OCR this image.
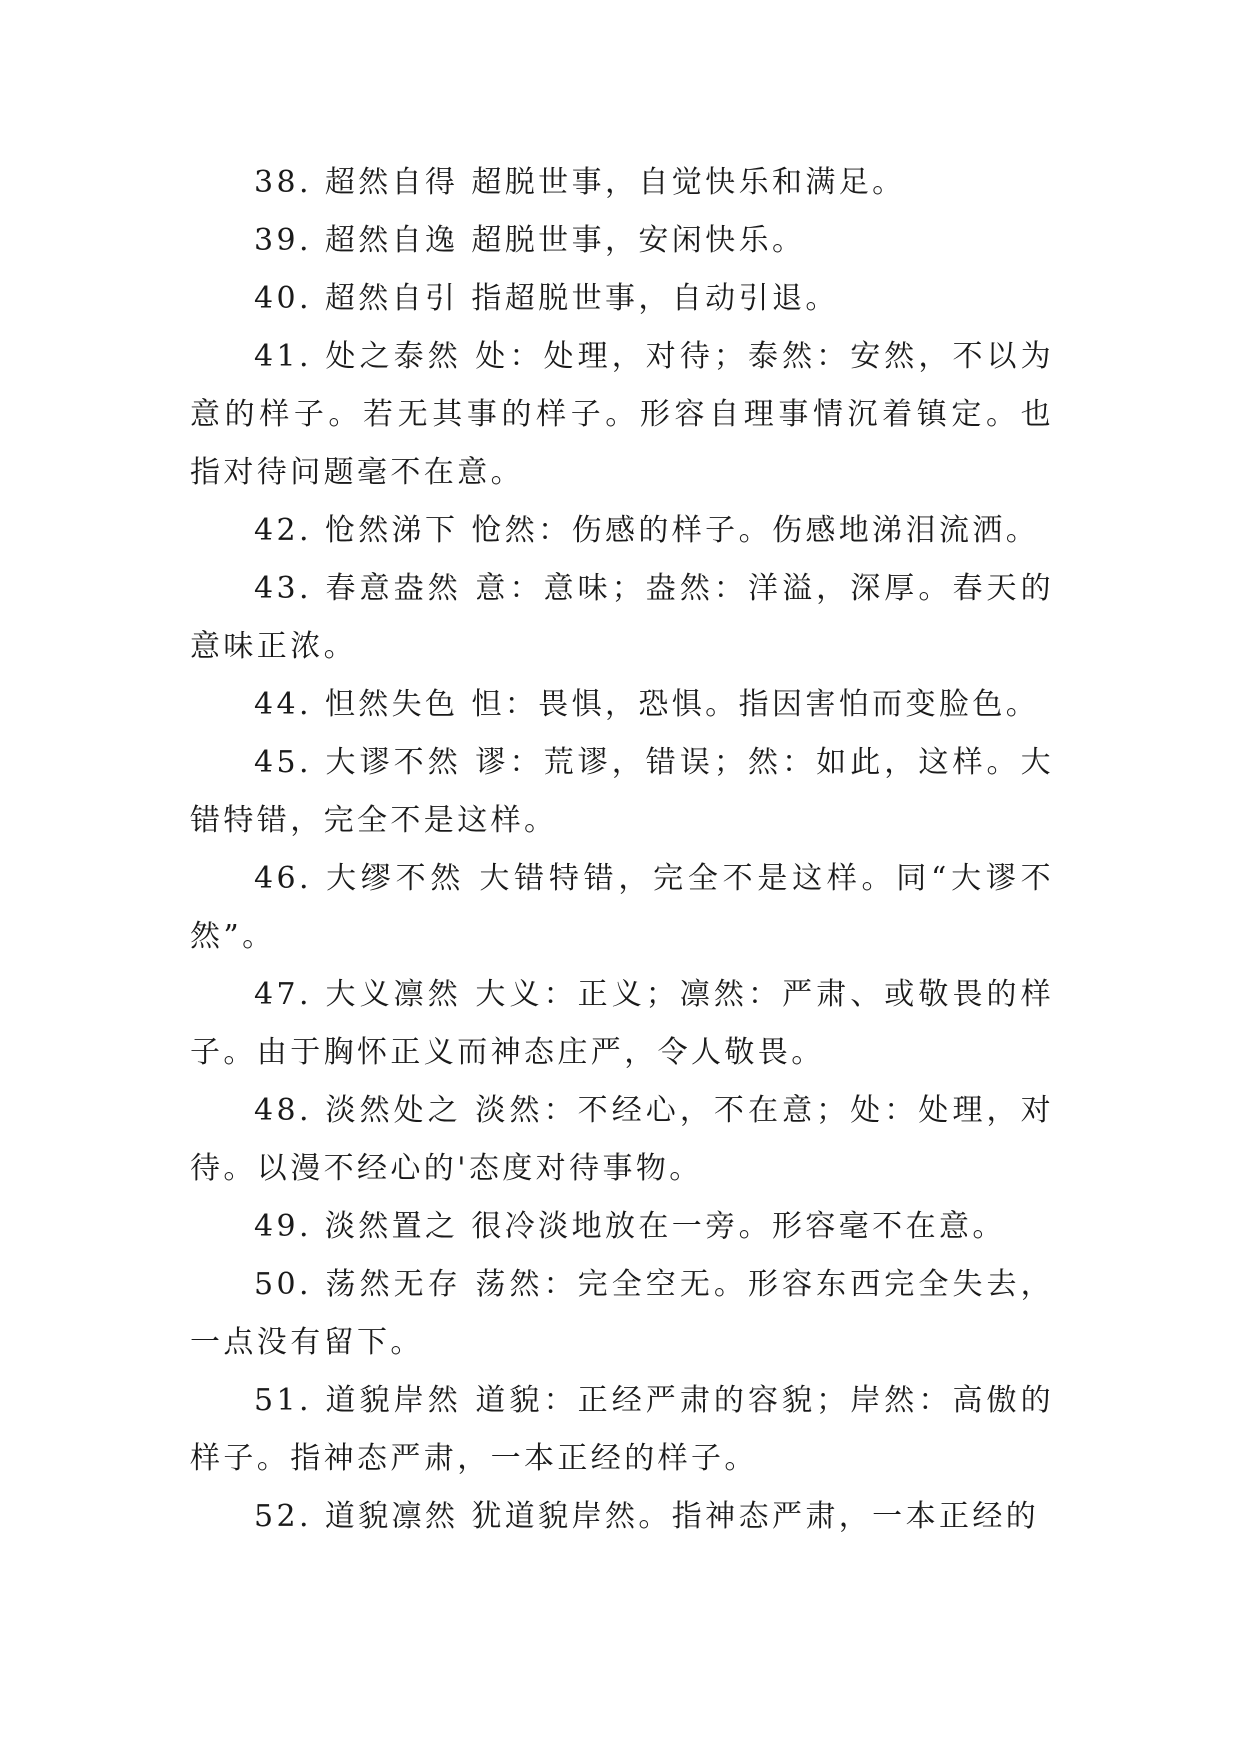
38. 超然自得 超脱世事，自觉快乐和满足。

39. 超然自逸 超脱世事，安闲快乐。

40. 超然自引 指超脱世事，自动引退。

41. 处之泰然 处：处理，对待；泰然：安然，不以为意的样子。若无其事的样子。形容自理事情沉着镇定。也指对待问题毫不在意。

42. 怆然涕下 怆然：伤感的样子。伤感地涕泪流洒。

43. 春意盎然 意：意味；盎然：洋溢，深厚。春天的意味正浓。

44. 怛然失色 怛：畏惧，恐惧。指因害怕而变脸色。

45. 大谬不然 谬：荒谬，错误；然：如此，这样。大错特错，完全不是这样。

46. 大缪不然 大错特错，完全不是这样。同“大谬不然”。

47. 大义凛然 大义：正义；凛然：严肃、或敬畏的样子。由于胸怀正义而神态庄严，令人敬畏。

48. 淡然处之 淡然：不经心，不在意；处：处理，对待。以漫不经心的'态度对待事物。

49. 淡然置之 很冷淡地放在一旁。形容毫不在意。

50. 荡然无存 荡然：完全空无。形容东西完全失去，一点没有留下。

51. 道貌岸然 道貌：正经严肃的容貌；岸然：高傲的样子。指神态严肃，一本正经的样子。

52. 道貌凛然 犹道貌岸然。指神态严肃，一本正经的
